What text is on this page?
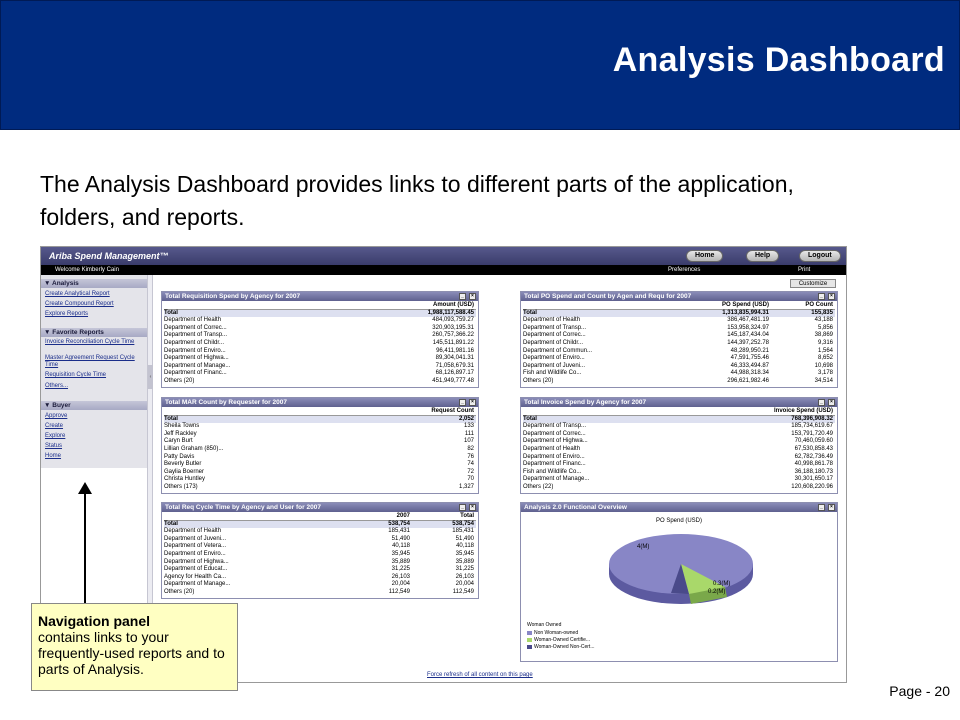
Analysis Dashboard
The Analysis Dashboard provides links to different parts of the application, folders, and reports.
Ariba Spend Management™	Home	Help	Logout
Welcome Kimberly Cain	Preferences	Print
▼ Analysis
Create Analytical Report
Create Compound Report
Explore Reports
▼ Favorite Reports
Invoice Reconciliation Cycle Time
Master Agreement Request Cycle Time
Requisition Cycle Time
Others...
▼ Buyer
Approve
Create
Explore
Status
Home
‹
Customize
Total Requisition Spend by Agency for 2007	_	×
Amount (USD)
Total	1,988,117,588.45
Department of Health	484,093,759.27
Department of Correc...	320,903,195.31
Department of Transp...	260,757,366.22
Department of Childr...	145,511,891.22
Department of Enviro...	96,411,981.16
Department of Highwa...	89,304,041.31
Department of Manage...	71,058,679.31
Department of Financ...	68,126,897.17
Others (20)	451,949,777.48
Total PO Spend and Count by Agen and Requ for 2007	_	×
PO Spend (USD)	PO Count
Total	1,313,835,994.31	155,835
Department of Health	386,467,481.19	43,188
Department of Transp...	153,958,324.97	5,856
Department of Correc...	145,187,434.04	38,869
Department of Childr...	144,397,252.78	9,316
Department of Commun...	48,289,950.21	1,564
Department of Enviro...	47,591,755.46	8,652
Department of Juveni...	46,333,494.87	10,698
Fish and Wildlife Co...	44,988,318.34	3,178
Others (20)	296,621,982.46	34,514
Total MAR Count by Requester for 2007	_	×
Request Count
Total	2,052
Sheila Towns	133
Jeff Rackley	111
Caryn Burt	107
Lillian Graham (850)...	82
Patty Davis	76
Beverly Butler	74
Gaylia Boerner	72
Christa Huntley	70
Others (173)	1,327
Total Invoice Spend by Agency for 2007	_	×
Invoice Spend (USD)
Total	768,396,908.32
Department of Transp...	185,734,619.67
Department of Correc...	153,791,720.49
Department of Highwa...	70,460,059.60
Department of Health	67,530,858.43
Department of Enviro...	62,782,736.49
Department of Financ...	40,998,861.78
Fish and Wildlife Co...	36,188,180.73
Department of Manage...	30,301,650.17
Others (22)	120,608,220.96
Total Req Cycle Time by Agency and User for 2007	_	×
2007	Total
Total	538,754	538,754
Department of Health	185,431	185,431
Department of Juveni...	51,490	51,490
Department of Vetera...	40,118	40,118
Department of Enviro...	35,945	35,945
Department of Highwa...	35,889	35,889
Department of Educat...	31,225	31,225
Agency for Health Ca...	26,103	26,103
Department of Manage...	20,004	20,004
Others (20)	112,549	112,549
Analysis 2.0 Functional Overview	_	×
PO Spend (USD)
4(M)
0.3(M)
0.2(M)
Woman Owned
Non Woman-owned
Woman-Owned Certifie...
Woman-Owned Non-Cert...
Force refresh of all content on this page
Navigation panel
contains links to your frequently-used reports and to parts of Analysis.
Page - 20
